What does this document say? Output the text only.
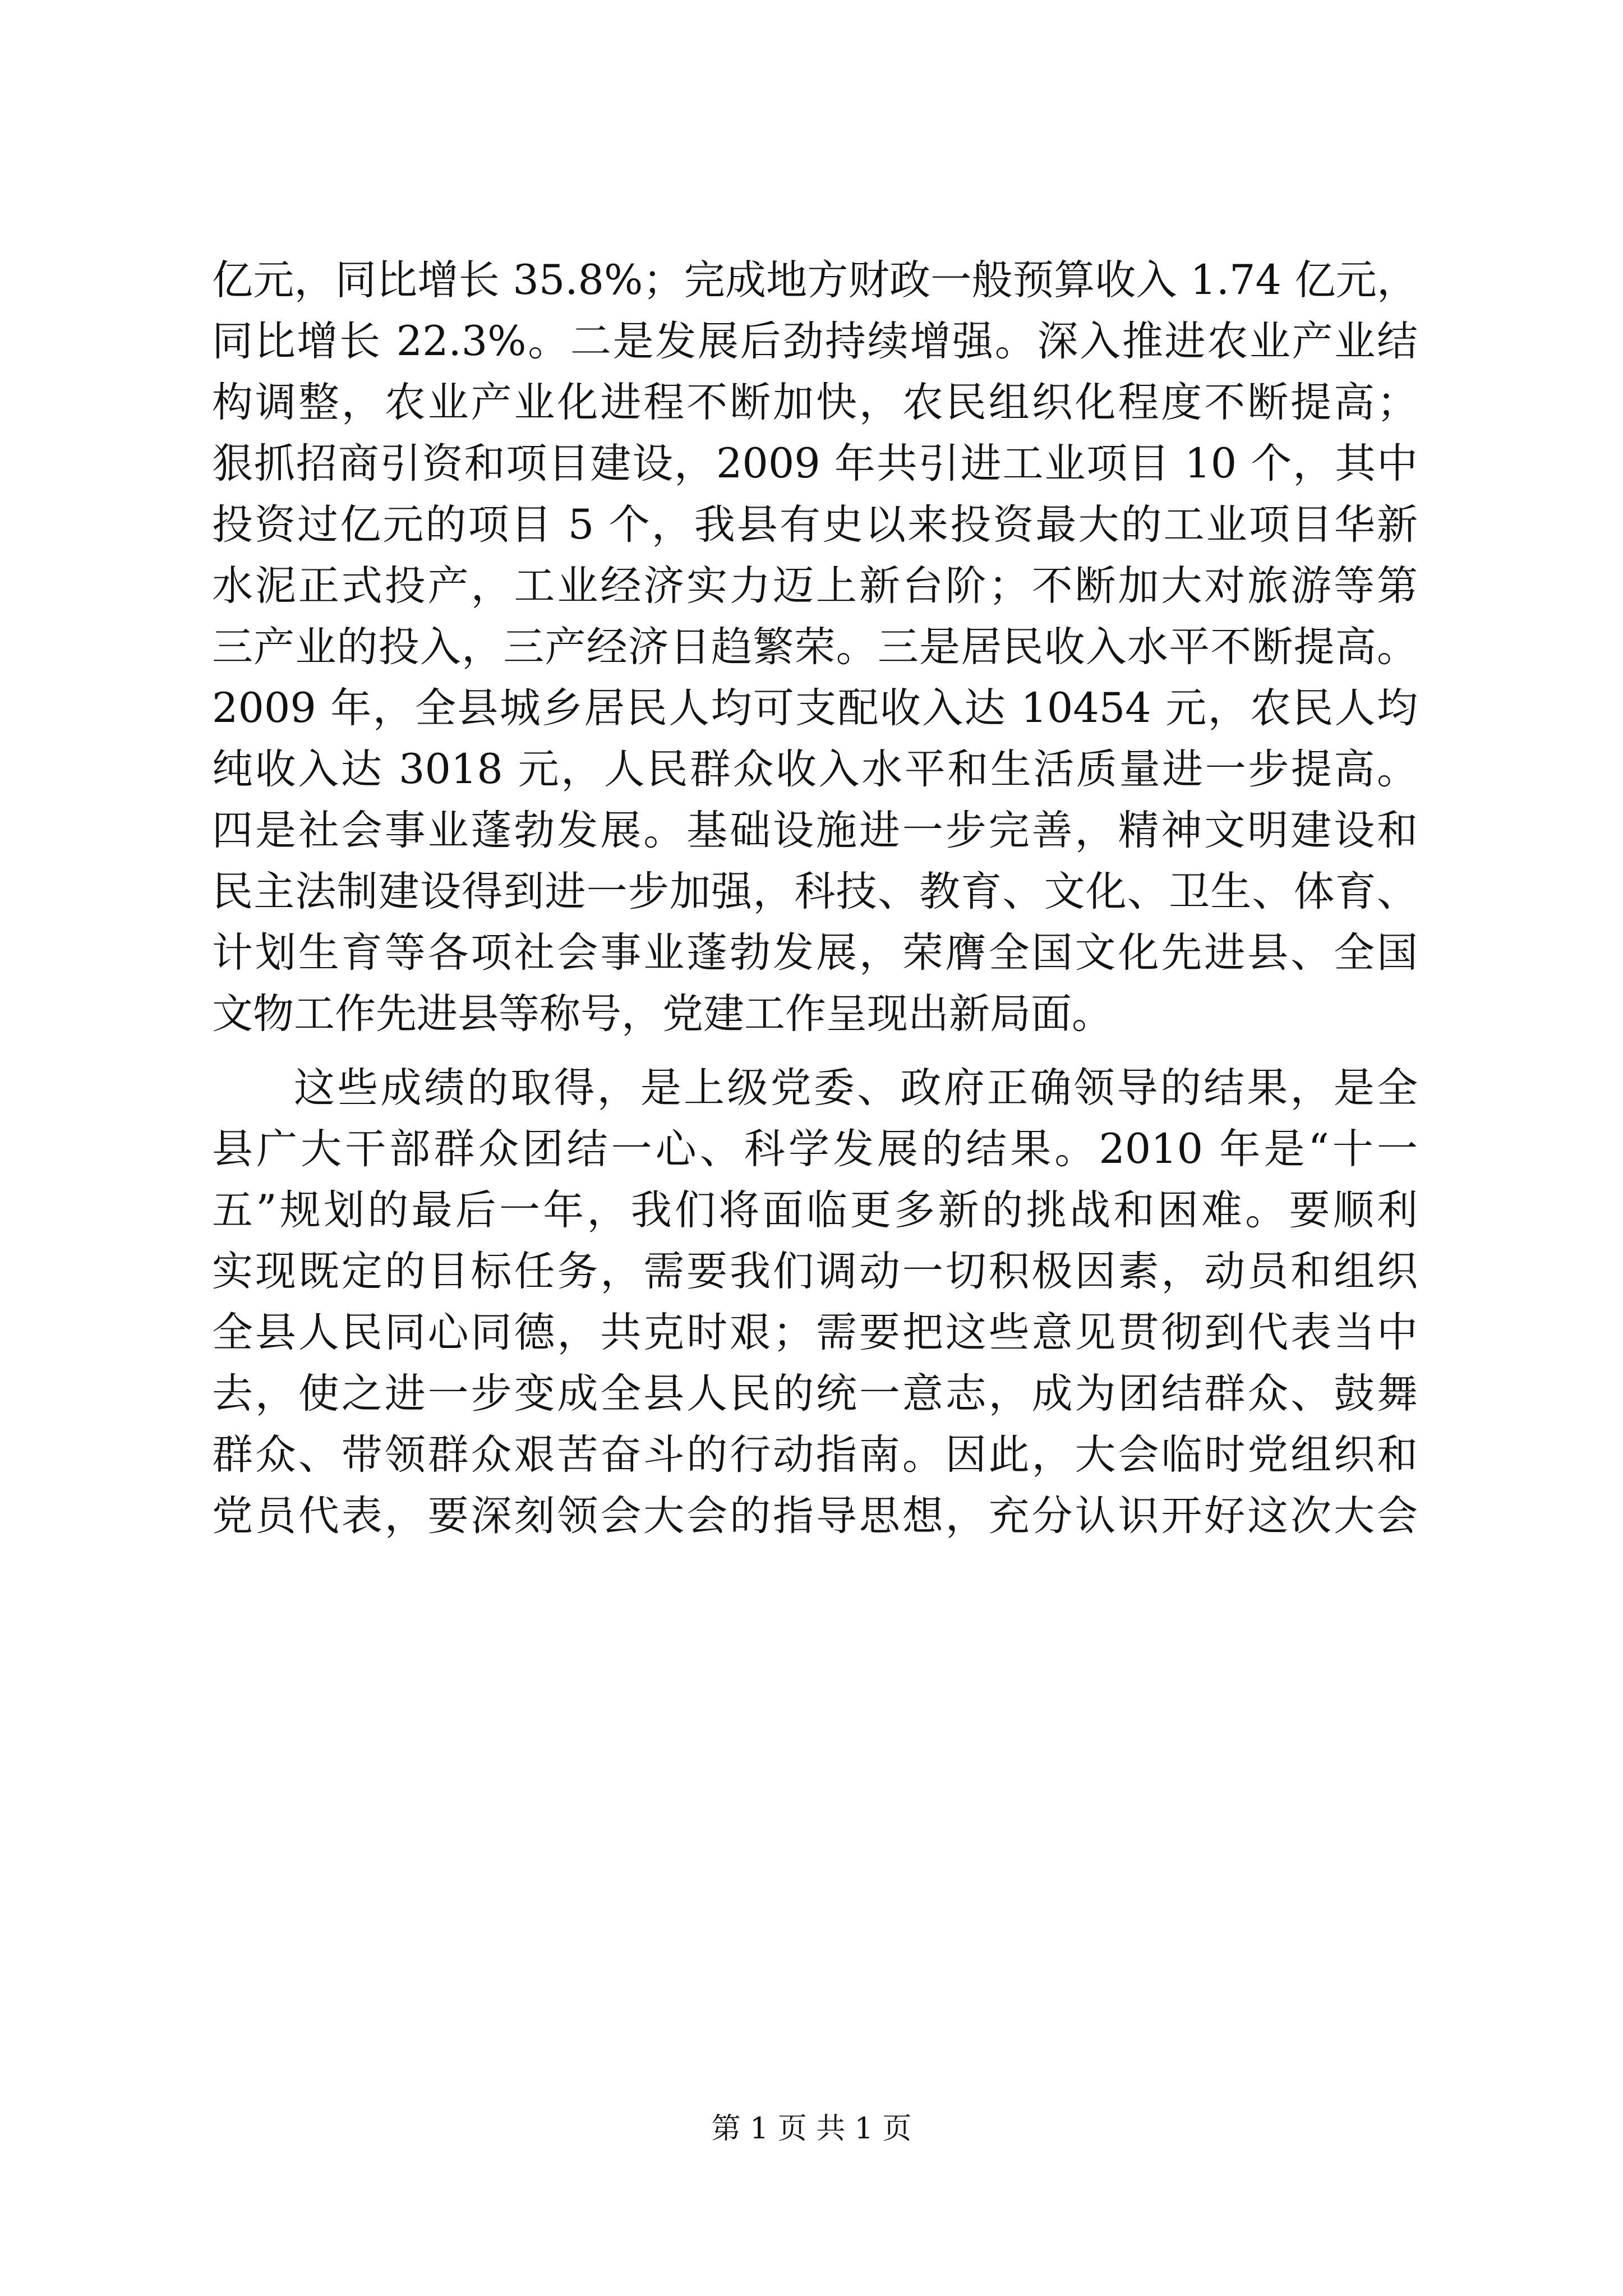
亿元，同比增长 35.8%；完成地方财政一般预算收入 1.74 亿元，
同比增长 22.3%。二是发展后劲持续增强。深入推进农业产业结
构调整，农业产业化进程不断加快，农民组织化程度不断提高；
狠抓招商引资和项目建设，2009 年共引进工业项目 10 个，其中
投资过亿元的项目 5 个，我县有史以来投资最大的工业项目华新
水泥正式投产，工业经济实力迈上新台阶；不断加大对旅游等第
三产业的投入，三产经济日趋繁荣。三是居民收入水平不断提高。
2009 年，全县城乡居民人均可支配收入达 10454 元，农民人均
纯收入达 3018 元，人民群众收入水平和生活质量进一步提高。
四是社会事业蓬勃发展。基础设施进一步完善，精神文明建设和
民主法制建设得到进一步加强，科技、教育、文化、卫生、体育、
计划生育等各项社会事业蓬勃发展，荣膺全国文化先进县、全国
文物工作先进县等称号，党建工作呈现出新局面。
这些成绩的取得，是上级党委、政府正确领导的结果，是全
县广大干部群众团结一心、科学发展的结果。2010 年是“十一
五”规划的最后一年，我们将面临更多新的挑战和困难。要顺利
实现既定的目标任务，需要我们调动一切积极因素，动员和组织
全县人民同心同德，共克时艰；需要把这些意见贯彻到代表当中
去，使之进一步变成全县人民的统一意志，成为团结群众、鼓舞
群众、带领群众艰苦奋斗的行动指南。因此，大会临时党组织和
党员代表，要深刻领会大会的指导思想，充分认识开好这次大会
第 1 页 共 1 页
